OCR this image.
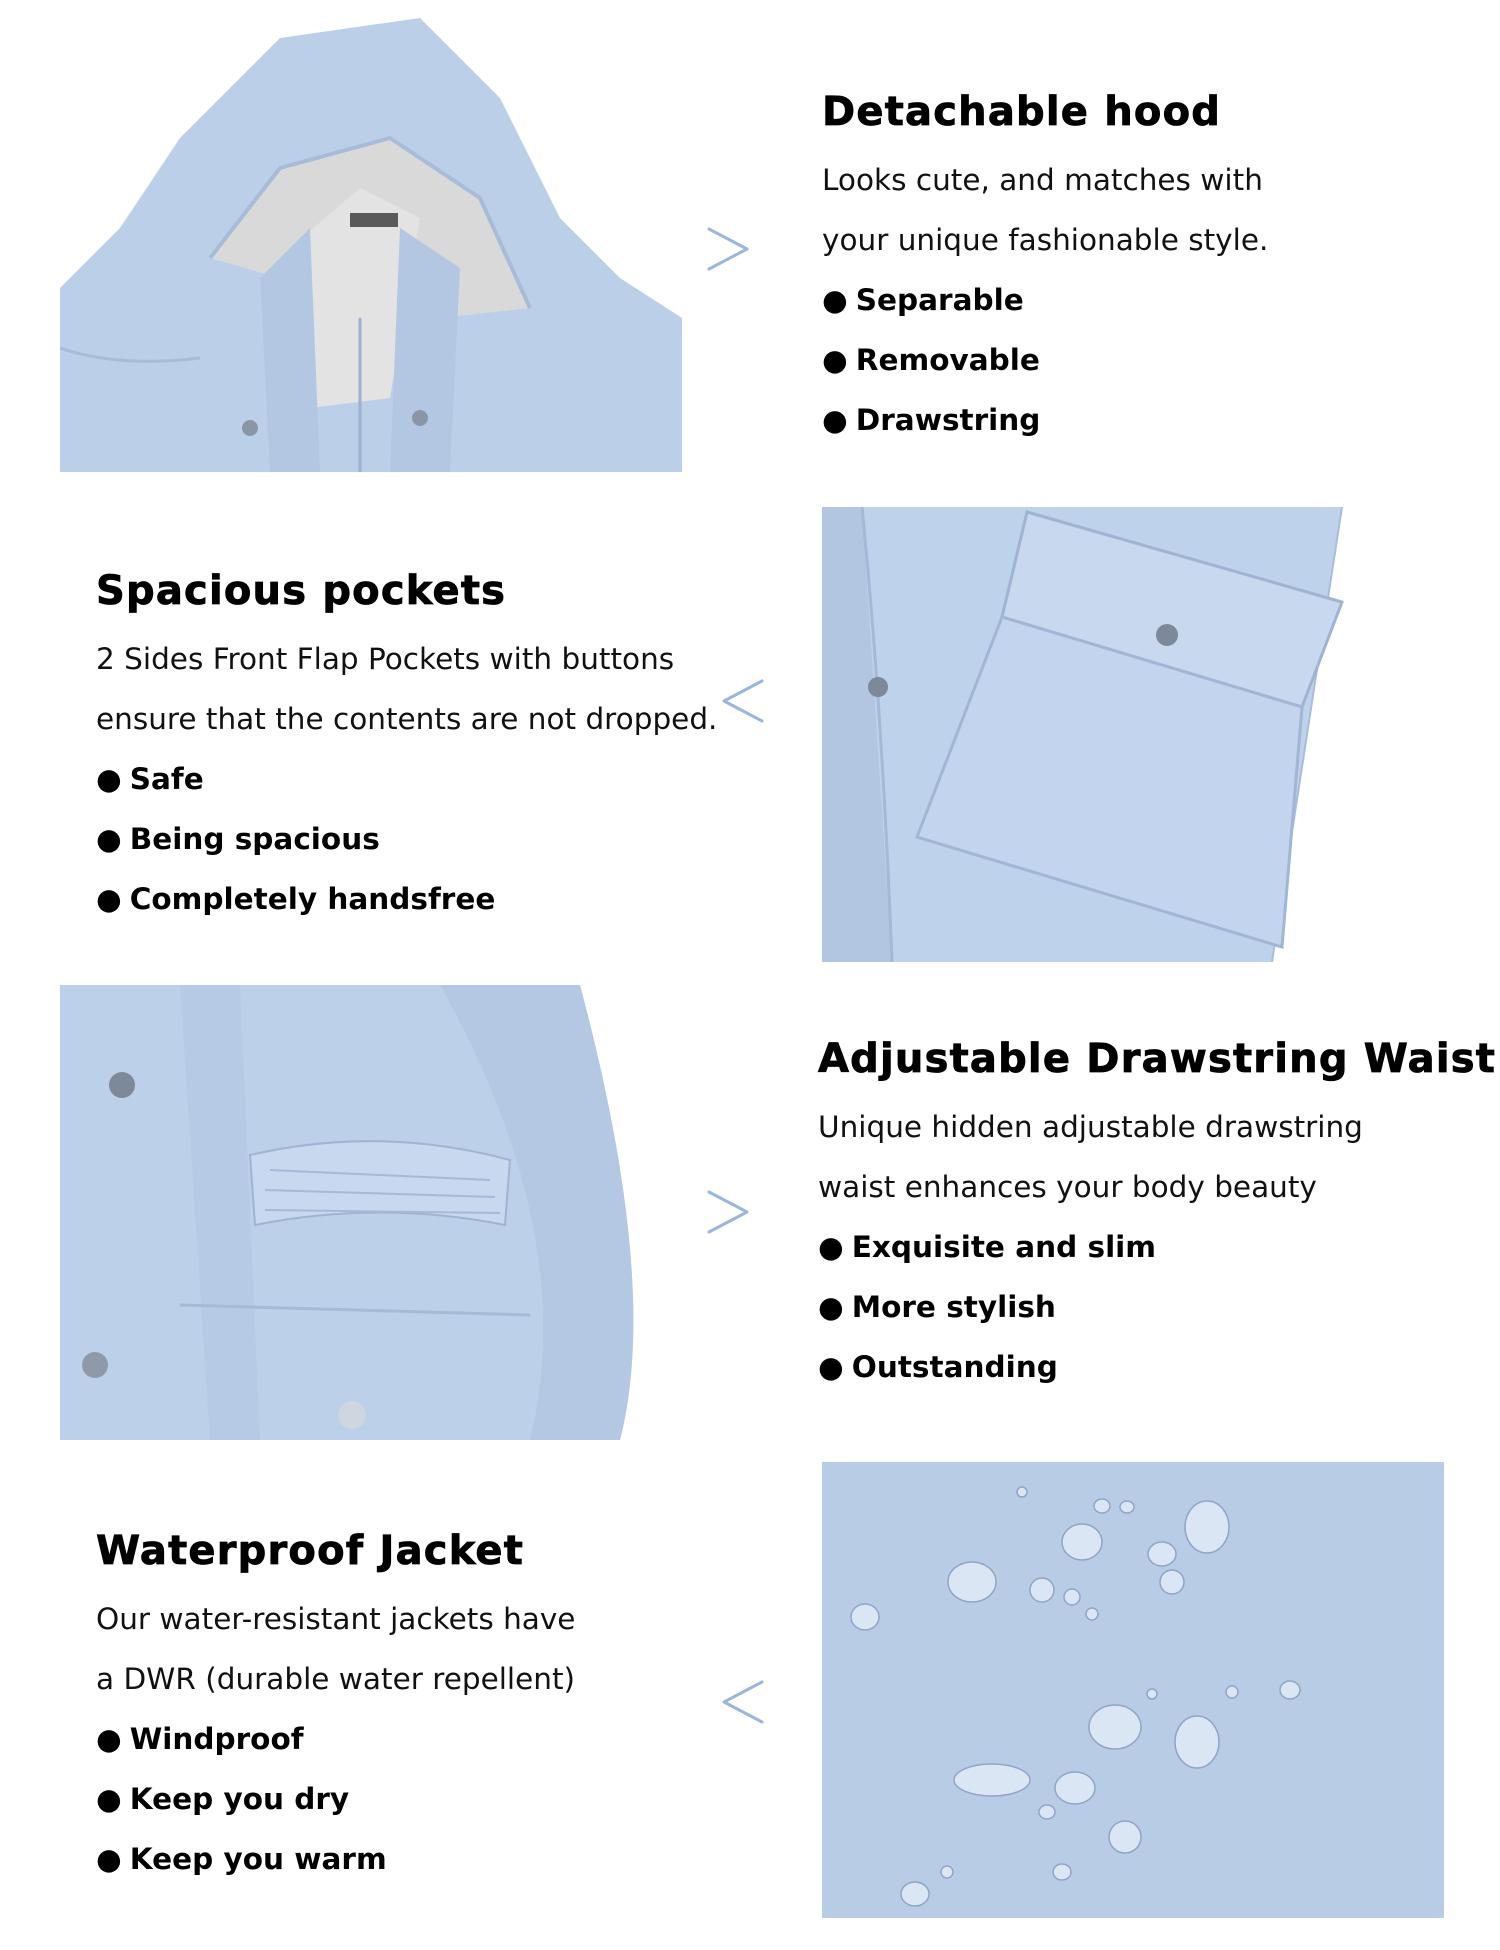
Detachable hood

Looks cute, and matches with

your unique fashionable style.

● Separable
● Removable
● Drawstring
Spacious pockets

2 Sides Front Flap Pockets with buttons

ensure that the contents are not dropped.

● Safe
● Being spacious
● Completely handsfree
Adjustable Drawstring Waist

Unique hidden adjustable drawstring

waist enhances your body beauty

● Exquisite and slim
● More stylish
● Outstanding
Waterproof Jacket

Our water-resistant jackets have

a DWR (durable water repellent)

● Windproof
● Keep you dry
● Keep you warm
